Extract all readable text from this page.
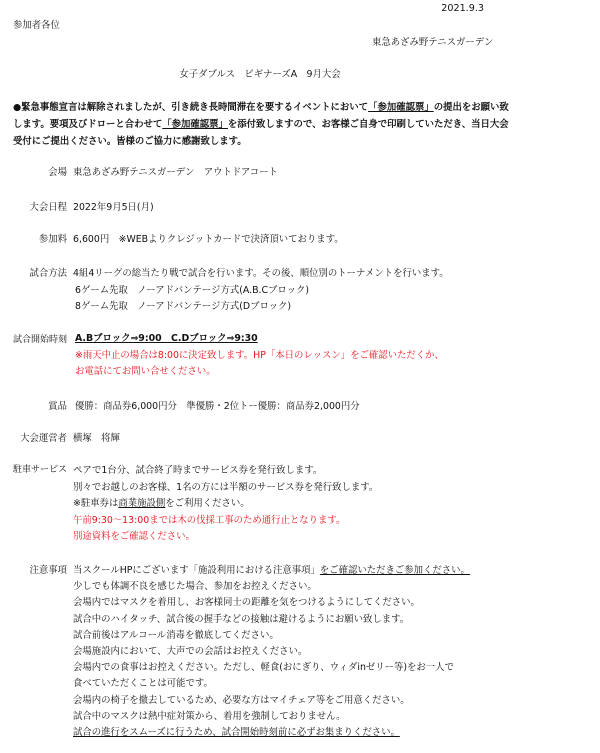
2021.9.3
参加者各位
東急あざみ野テニスガーデン
女子ダブルス　ビギナーズA　9月大会
●緊急事態宣言は解除されましたが、引き続き長時間滞在を要するイベントにおいて「参加確認票」の提出をお願い致します。要項及びドローと合わせて「参加確認票」を添付致しますので、お客様ご自身で印刷していただき、当日大会受付にご提出ください。皆様のご協力に感謝致します。
会場 東急あざみ野テニスガーデン　アウトドアコート
大会日程 2022年9月5日(月)
参加料 6,600円　※WEBよりクレジットカードで決済頂いております。
試合方法 4組4リーグの総当たり戦で試合を行います。その後、順位別のトーナメントを行います。
6ゲーム先取　ノーアドバンテージ方式(A.B.Cブロック)
8ゲーム先取　ノーアドバンテージ方式(Dブロック)
試合開始時刻 A.Bブロック⇒9:00　C.Dブロック⇒9:30
※雨天中止の場合は8:00に決定致します。HP「本日のレッスン」をご確認いただくか、
お電話にてお問い合せください。
賞品 優勝：商品券6,000円分　準優勝・2位トー優勝：商品券2,000円分
大会運営者 横塚　将輝
駐車サービス ペアで1台分、試合終了時までサービス券を発行致します。
別々でお越しのお客様、1名の方には半額のサービス券を発行致します。
※駐車券は商業施設側をご利用ください。
午前9:30～13:00までは木の伐採工事のため通行止となります。
別途資料をご確認ください。
注意事項 当スクールHPにございます「施設利用における注意事項」をご確認いただきご参加ください。
少しでも体調不良を感じた場合、参加をお控えください。
会場内ではマスクを着用し、お客様同士の距離を気をつけるようにしてください。
試合中のハイタッチ、試合後の握手などの接触は避けるようにお願い致します。
試合前後はアルコール消毒を徹底してください。
会場施設内において、大声での会話はお控えください。
会場内での食事はお控えください。ただし、軽食(おにぎり、ウィダinゼリー等)をお一人で
食べていただくことは可能です。
会場内の椅子を撤去しているため、必要な方はマイチェア等をご用意ください。
試合中のマスクは熱中症対策から、着用を強制しておりません。
試合の進行をスムーズに行うため、試合開始時刻前に必ずお集まりください。
